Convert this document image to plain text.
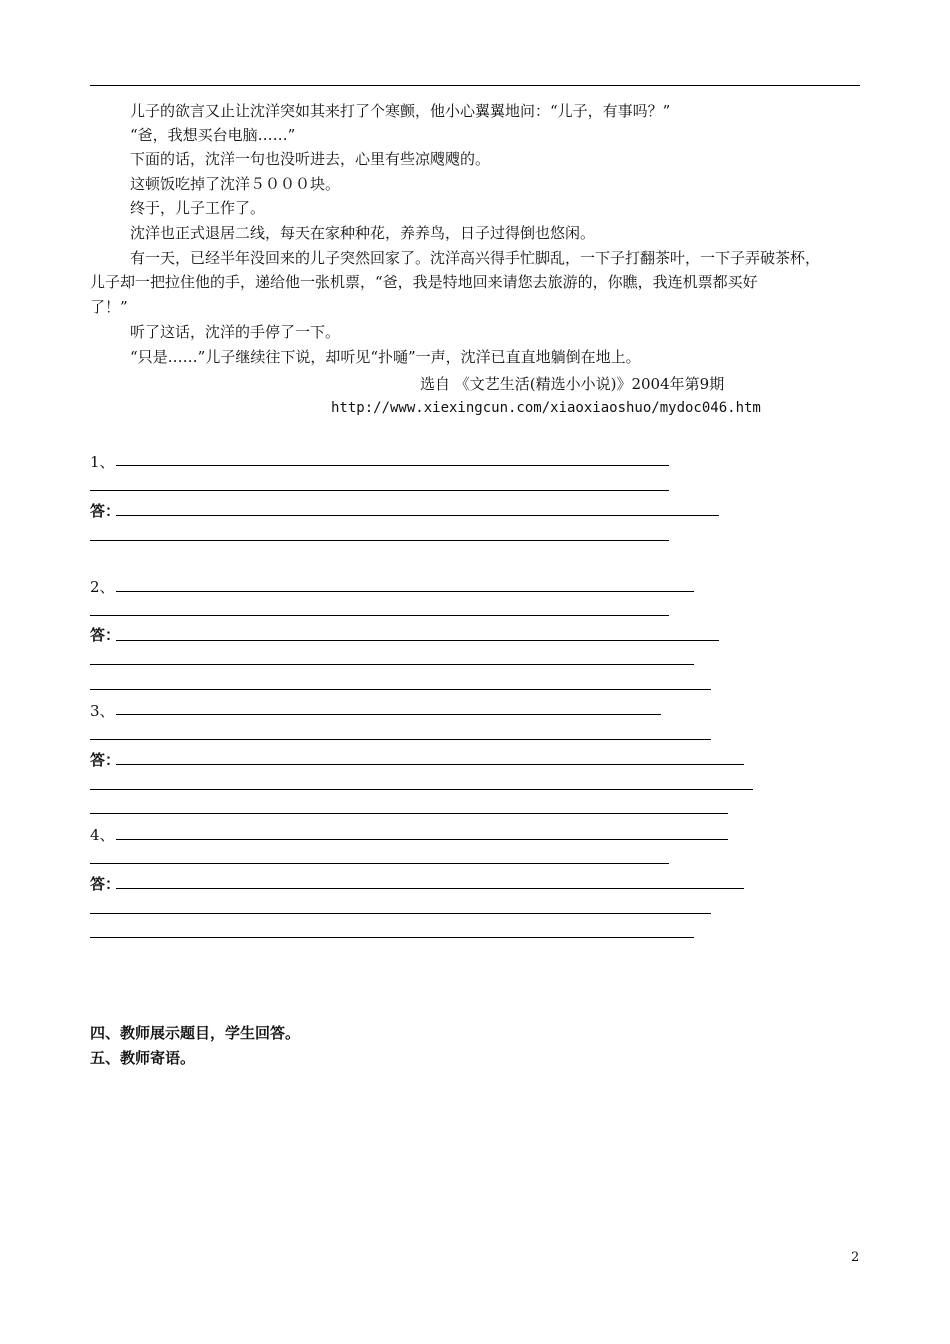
儿子的欲言又止让沈洋突如其来打了个寒颤，他小心翼翼地问：“儿子，有事吗？”
“爸，我想买台电脑……”
下面的话，沈洋一句也没听进去，心里有些凉飕飕的。
这顿饭吃掉了沈洋５０００块。
终于，儿子工作了。
沈洋也正式退居二线，每天在家种种花，养养鸟，日子过得倒也悠闲。
有一天，已经半年没回来的儿子突然回家了。沈洋高兴得手忙脚乱，一下子打翻茶叶，一下子弄破茶杯，
儿子却一把拉住他的手，递给他一张机票，“爸，我是特地回来请您去旅游的，你瞧，我连机票都买好
了！”
听了这话，沈洋的手停了一下。
“只是……”儿子继续往下说，却听见“扑嗵”一声，沈洋已直直地躺倒在地上。
选自 《文艺生活(精选小小说)》2004年第9期
http://www.xiexingcun.com/xiaoxiaoshuo/mydoc046.htm
1、
答：
2、
答：
3、
答：
4、
答：
四、教师展示题目，学生回答。
五、教师寄语。
2
